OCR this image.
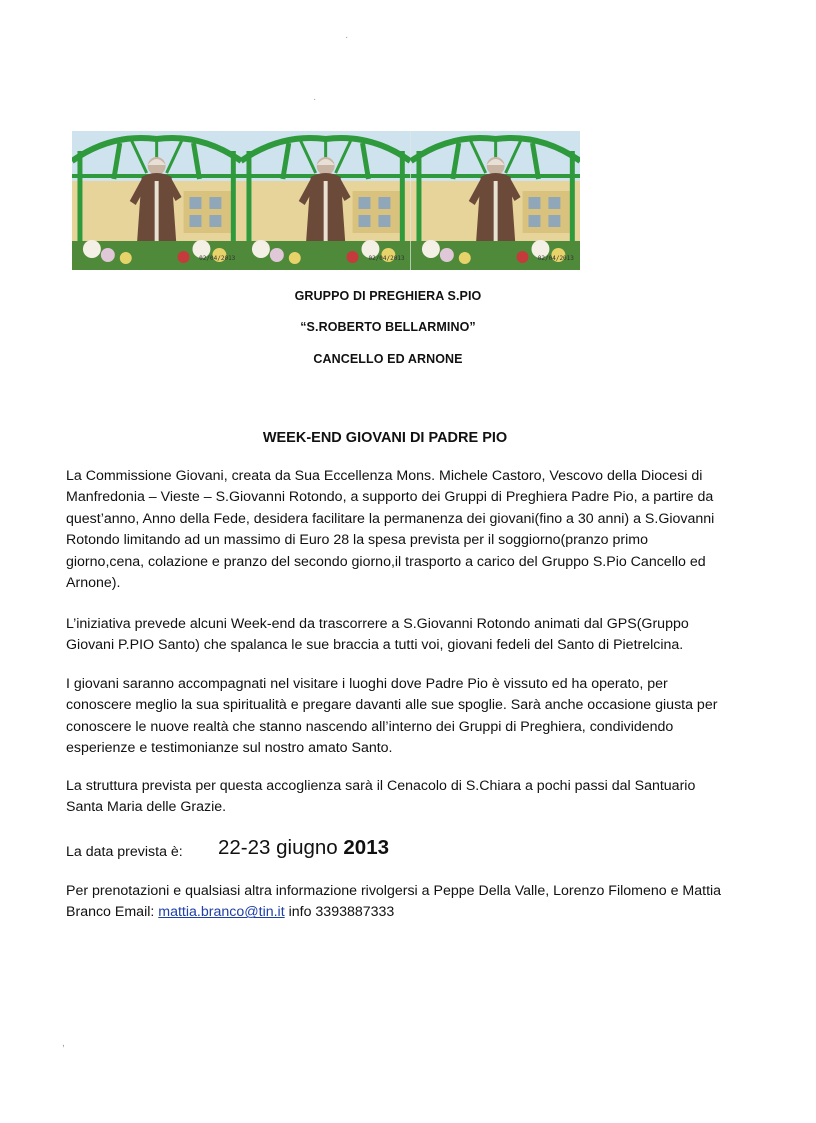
02/04/2013	02/04/2013	02/04/2013
GRUPPO DI PREGHIERA S.PIO
“S.ROBERTO BELLARMINO”
CANCELLO ED ARNONE
WEEK-END GIOVANI DI PADRE PIO

La Commissione Giovani, creata da Sua Eccellenza Mons. Michele Castoro, Vescovo della Diocesi di Manfredonia – Vieste – S.Giovanni Rotondo, a supporto dei Gruppi di Preghiera Padre Pio, a partire da quest’anno, Anno della Fede, desidera facilitare la permanenza dei giovani(fino a 30 anni) a S.Giovanni Rotondo limitando ad un massimo di Euro 28 la spesa prevista per il soggiorno(pranzo primo giorno,cena, colazione e pranzo del secondo giorno,il trasporto a carico del Gruppo S.Pio Cancello ed Arnone).

L’iniziativa prevede alcuni Week-end da trascorrere a S.Giovanni Rotondo animati dal GPS(Gruppo Giovani P.PIO Santo) che spalanca le sue braccia a tutti voi, giovani fedeli del Santo di Pietrelcina.

I giovani saranno accompagnati nel visitare i luoghi dove Padre Pio è vissuto ed ha operato, per conoscere meglio la sua spiritualità e pregare davanti alle sue spoglie. Sarà anche occasione giusta per conoscere le nuove realtà che stanno nascendo all’interno dei Gruppi di Preghiera, condividendo esperienze e testimonianze sul nostro amato Santo.

La struttura prevista per questa accoglienza sarà il Cenacolo di S.Chiara a pochi passi dal Santuario Santa Maria delle Grazie.

La data prevista è: 22-23 giugno 2013

Per prenotazioni e qualsiasi altra informazione rivolgersi a Peppe Della Valle, Lorenzo Filomeno e Mattia Branco Email: mattia.branco@tin.it info 3393887333

·
·
,
